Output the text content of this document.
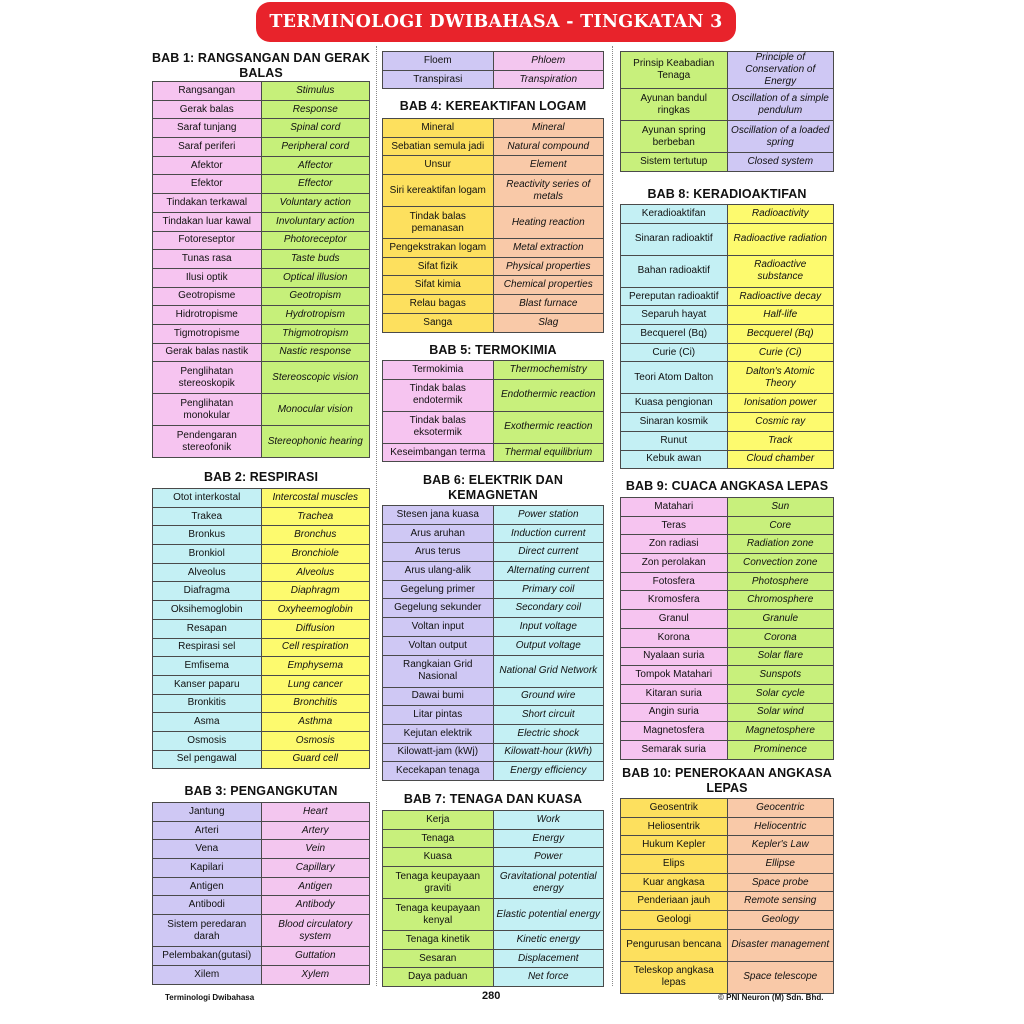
TERMINOLOGI DWIBAHASA - TINGKATAN 3
BAB 1: RANGSANGAN DAN GERAK BALAS
Rangsangan	Stimulus
Gerak balas	Response
Saraf tunjang	Spinal cord
Saraf periferi	Peripheral cord
Afektor	Affector
Efektor	Effector
Tindakan terkawal	Voluntary action
Tindakan luar kawal	Involuntary action
Fotoreseptor	Photoreceptor
Tunas rasa	Taste buds
Ilusi optik	Optical illusion
Geotropisme	Geotropism
Hidrotropisme	Hydrotropism
Tigmotropisme	Thigmotropism
Gerak balas nastik	Nastic response
Penglihatan stereoskopik	Stereoscopic vision
Penglihatan monokular	Monocular vision
Pendengaran stereofonik	Stereophonic hearing
BAB 2: RESPIRASI
Otot interkostal	Intercostal muscles
Trakea	Trachea
Bronkus	Bronchus
Bronkiol	Bronchiole
Alveolus	Alveolus
Diafragma	Diaphragm
Oksihemoglobin	Oxyheemoglobin
Resapan	Diffusion
Respirasi sel	Cell respiration
Emfisema	Emphysema
Kanser paparu	Lung cancer
Bronkitis	Bronchitis
Asma	Asthma
Osmosis	Osmosis
Sel pengawal	Guard cell
BAB 3: PENGANGKUTAN
Jantung	Heart
Arteri	Artery
Vena	Vein
Kapilari	Capillary
Antigen	Antigen
Antibodi	Antibody
Sistem peredaran darah	Blood circulatory system
Pelembakan(gutasi)	Guttation
Xilem	Xylem
Floem	Phloem
Transpirasi	Transpiration
BAB 4: KEREAKTIFAN LOGAM
Mineral	Mineral
Sebatian semula jadi	Natural compound
Unsur	Element
Siri kereaktifan logam	Reactivity series of metals
Tindak balas pemanasan	Heating reaction
Pengekstrakan logam	Metal extraction
Sifat fizik	Physical properties
Sifat kimia	Chemical properties
Relau bagas	Blast furnace
Sanga	Slag
BAB 5: TERMOKIMIA
Termokimia	Thermochemistry
Tindak balas endotermik	Endothermic reaction
Tindak balas eksotermik	Exothermic reaction
Keseimbangan terma	Thermal equilibrium
BAB 6: ELEKTRIK DAN KEMAGNETAN
Stesen jana kuasa	Power station
Arus aruhan	Induction current
Arus terus	Direct current
Arus ulang-alik	Alternating current
Gegelung primer	Primary coil
Gegelung sekunder	Secondary coil
Voltan input	Input voltage
Voltan output	Output voltage
Rangkaian Grid Nasional	National Grid Network
Dawai bumi	Ground wire
Litar pintas	Short circuit
Kejutan elektrik	Electric shock
Kilowatt-jam (kWj)	Kilowatt-hour (kWh)
Kecekapan tenaga	Energy efficiency
BAB 7: TENAGA DAN KUASA
Kerja	Work
Tenaga	Energy
Kuasa	Power
Tenaga keupayaan graviti	Gravitational potential energy
Tenaga keupayaan kenyal	Elastic potential energy
Tenaga kinetik	Kinetic energy
Sesaran	Displacement
Daya paduan	Net force
Prinsip Keabadian Tenaga	Principle of Conservation of Energy
Ayunan bandul ringkas	Oscillation of a simple pendulum
Ayunan spring berbeban	Oscillation of a loaded spring
Sistem tertutup	Closed system
BAB 8: KERADIOAKTIFAN
Keradioaktifan	Radioactivity
Sinaran radioaktif	Radioactive radiation
Bahan radioaktif	Radioactive substance
Pereputan radioaktif	Radioactive decay
Separuh hayat	Half-life
Becquerel (Bq)	Becquerel (Bq)
Curie (Ci)	Curie (Ci)
Teori Atom Dalton	Dalton's Atomic Theory
Kuasa pengionan	Ionisation power
Sinaran kosmik	Cosmic ray
Runut	Track
Kebuk awan	Cloud chamber
BAB 9: CUACA ANGKASA LEPAS
Matahari	Sun
Teras	Core
Zon radiasi	Radiation zone
Zon perolakan	Convection zone
Fotosfera	Photosphere
Kromosfera	Chromosphere
Granul	Granule
Korona	Corona
Nyalaan suria	Solar flare
Tompok Matahari	Sunspots
Kitaran suria	Solar cycle
Angin suria	Solar wind
Magnetosfera	Magnetosphere
Semarak suria	Prominence
BAB 10: PENEROKAAN ANGKASA LEPAS
Geosentrik	Geocentric
Heliosentrik	Heliocentric
Hukum Kepler	Kepler's Law
Elips	Ellipse
Kuar angkasa	Space probe
Penderiaan jauh	Remote sensing
Geologi	Geology
Pengurusan bencana	Disaster management
Teleskop angkasa lepas	Space telescope
Terminologi Dwibahasa	280	© PNI Neuron (M) Sdn. Bhd.
